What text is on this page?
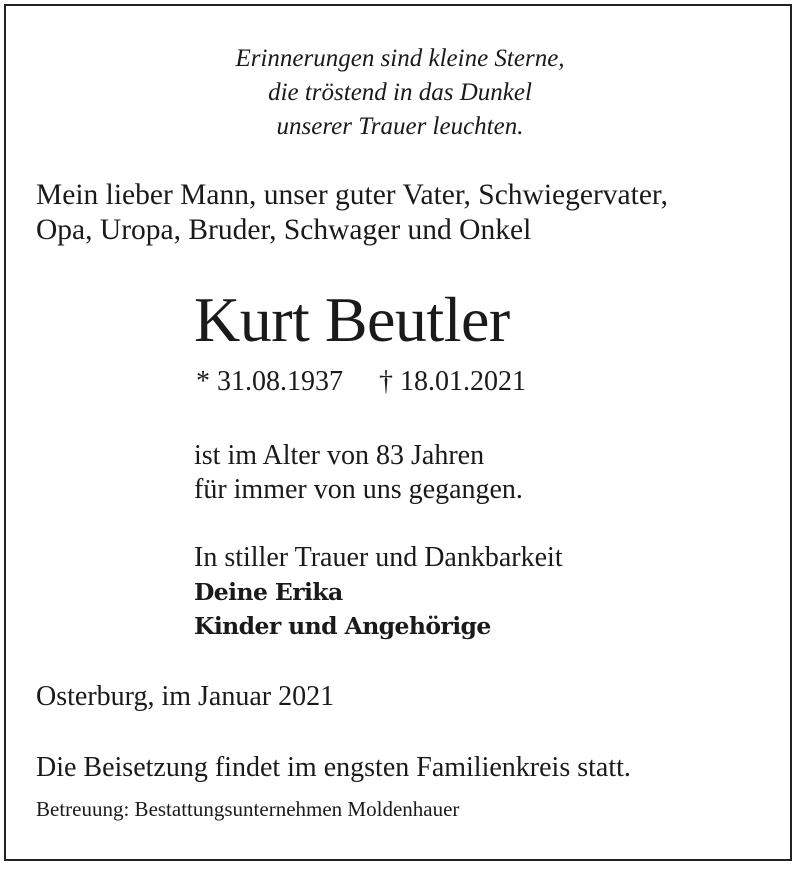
Erinnerungen sind kleine Sterne,
die tröstend in das Dunkel
unserer Trauer leuchten.
Mein lieber Mann, unser guter Vater, Schwiegervater,
Opa, Uropa, Bruder, Schwager und Onkel
Kurt Beutler
* 31.08.1937 † 18.01.2021
ist im Alter von 83 Jahren
für immer von uns gegangen.
In stiller Trauer und Dankbarkeit
Deine Erika
Kinder und Angehörige
Osterburg, im Januar 2021
Die Beisetzung findet im engsten Familienkreis statt.
Betreuung: Bestattungsunternehmen Moldenhauer
